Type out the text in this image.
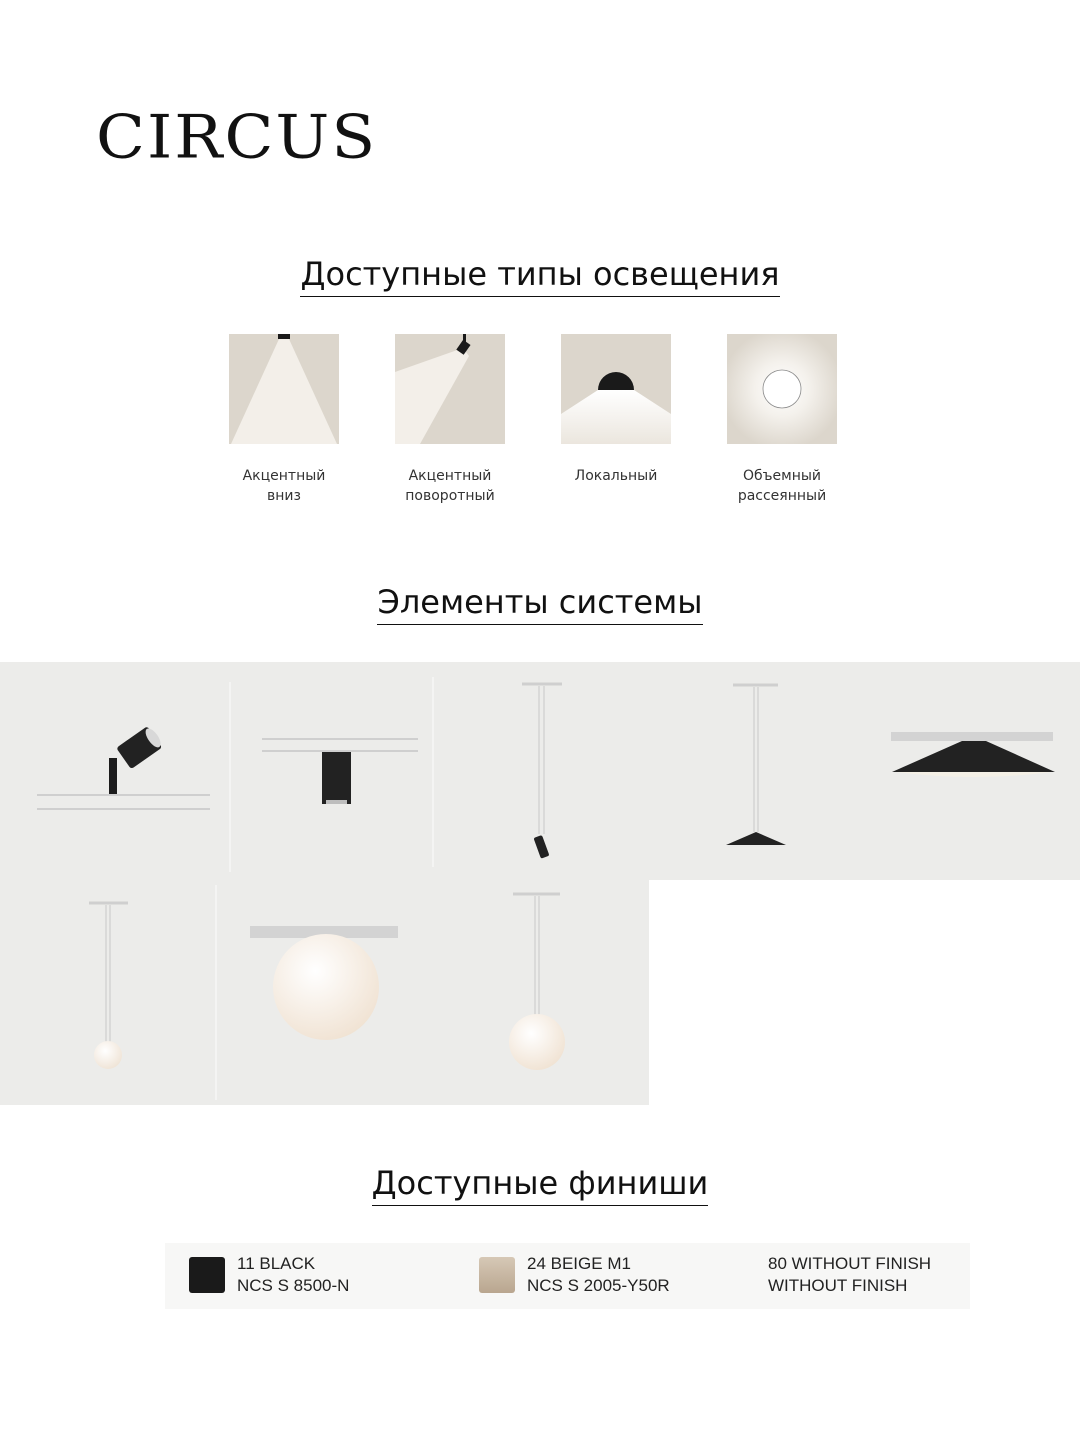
CIRCUS
Доступные типы освещения
Акцентный
вниз
Акцентный
поворотный
Локальный	Объемный
рассеянный
Элементы системы
Доступные финиши
11 BLACK
NCS S 8500-N
24 BEIGE M1
NCS S 2005-Y50R
80 WITHOUT FINISH
WITHOUT FINISH
